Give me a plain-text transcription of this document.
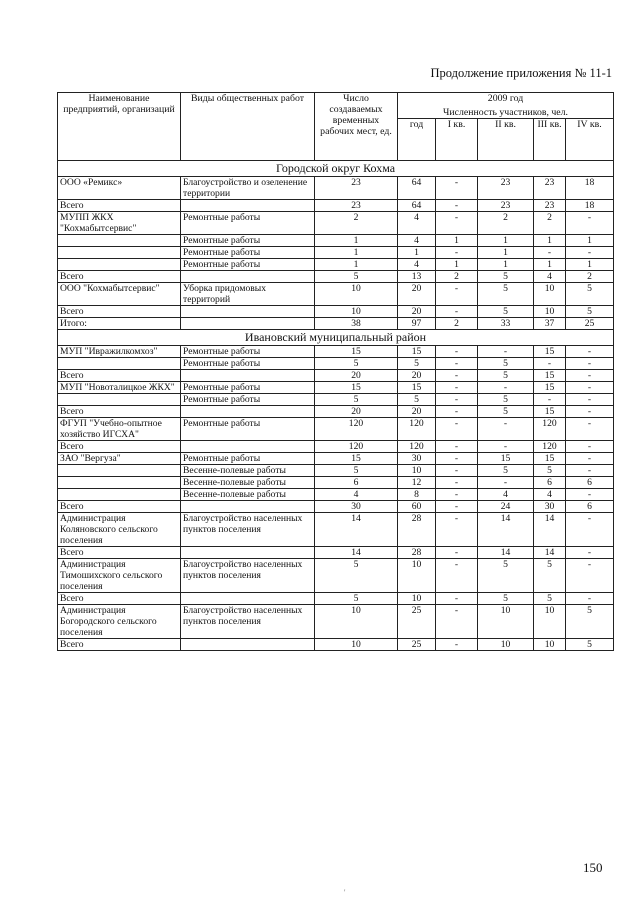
Продолжение приложения № 11-1
Наименование предприятий, организаций	Виды общественных работ	Число создаваемых временных рабочих мест, ед.	2009 год				
			Численность участников, чел.				
			год	I кв.	II кв.	III кв.	IV кв.
Городской округ Кохма							
ООО «Ремикс»	Благоустройство и озеленение территории	23	64	-	23	23	18
Всего		23	64	-	23	23	18
МУПП ЖКХ "Кохмабытсервис"	Ремонтные работы	2	4	-	2	2	-
	Ремонтные работы	1	4	1	1	1	1
	Ремонтные работы	1	1	-	1	-	-
	Ремонтные работы	1	4	1	1	1	1
Всего		5	13	2	5	4	2
ООО "Кохмабытсервис"	Уборка придомовых территорий	10	20	-	5	10	5
Всего		10	20	-	5	10	5
Итого:		38	97	2	33	37	25
Ивановский муниципальный район							
МУП "Ивражилкомхоз"	Ремонтные работы	15	15	-	-	15	-
	Ремонтные работы	5	5	-	5	-	-
Всего		20	20	-	5	15	-
МУП "Новоталицкое ЖКХ"	Ремонтные работы	15	15	-	-	15	-
	Ремонтные работы	5	5	-	5	-	-
Всего		20	20	-	5	15	-
ФГУП "Учебно-опытное хозяйство ИГСХА"	Ремонтные работы	120	120	-	-	120	-
Всего		120	120	-	-	120	-
ЗАО "Вергуза"	Ремонтные работы	15	30	-	15	15	-
	Весенне-полевые работы	5	10	-	5	5	-
	Весенне-полевые работы	6	12	-	-	6	6
	Весенне-полевые работы	4	8	-	4	4	-
Всего		30	60	-	24	30	6
Администрация Коляновского сельского поселения	Благоустройство населенных пунктов поселения	14	28	-	14	14	-
Всего		14	28	-	14	14	-
Администрация Тимошихского сельского поселения	Благоустройство населенных пунктов поселения	5	10	-	5	5	-
Всего		5	10	-	5	5	-
Администрация Богородского сельского поселения	Благоустройство населенных пунктов поселения	10	25	-	10	10	5
Всего		10	25	-	10	10	5
150
'
